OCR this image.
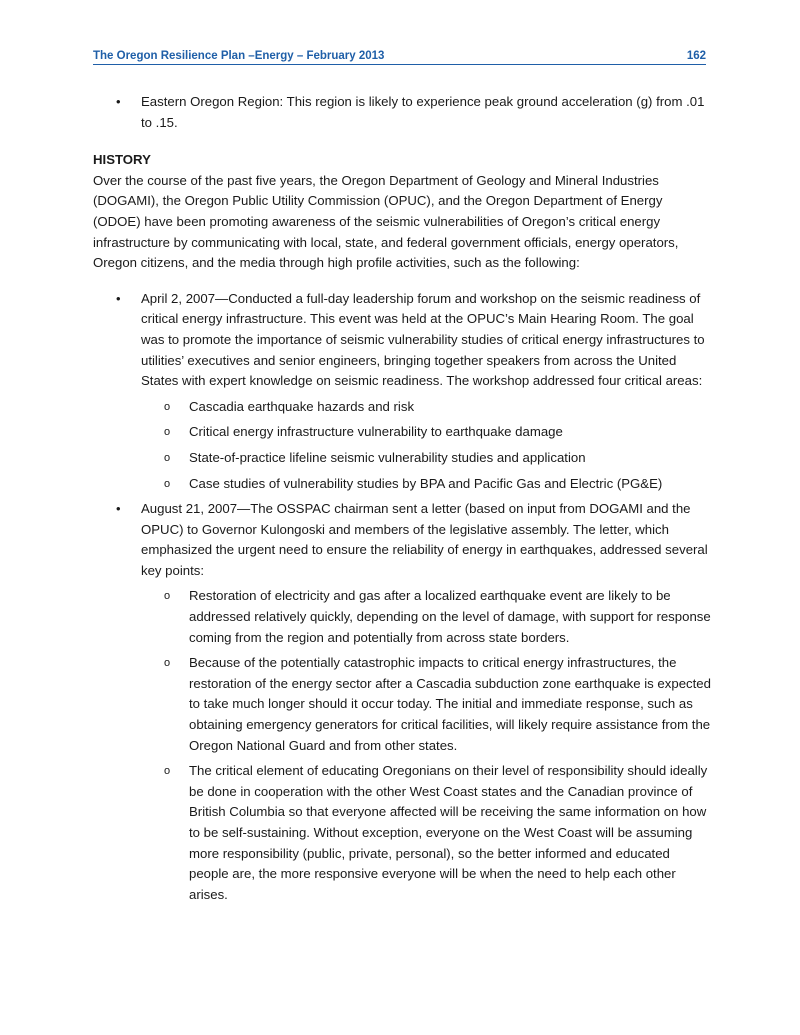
The Oregon Resilience Plan –Energy – February 2013	162
• Eastern Oregon Region: This region is likely to experience peak ground acceleration (g) from .01 to .15.
HISTORY
Over the course of the past five years, the Oregon Department of Geology and Mineral Industries (DOGAMI), the Oregon Public Utility Commission (OPUC), and the Oregon Department of Energy (ODOE) have been promoting awareness of the seismic vulnerabilities of Oregon’s critical energy infrastructure by communicating with local, state, and federal government officials, energy operators, Oregon citizens, and the media through high profile activities, such as the following:
• April 2, 2007—Conducted a full-day leadership forum and workshop on the seismic readiness of critical energy infrastructure. This event was held at the OPUC’s Main Hearing Room. The goal was to promote the importance of seismic vulnerability studies of critical energy infrastructures to utilities’ executives and senior engineers, bringing together speakers from across the United States with expert knowledge on seismic readiness. The workshop addressed four critical areas:
o Cascadia earthquake hazards and risk
o Critical energy infrastructure vulnerability to earthquake damage
o State-of-practice lifeline seismic vulnerability studies and application
o Case studies of vulnerability studies by BPA and Pacific Gas and Electric (PG&E)
• August 21, 2007—The OSSPAC chairman sent a letter (based on input from DOGAMI and the OPUC) to Governor Kulongoski and members of the legislative assembly. The letter, which emphasized the urgent need to ensure the reliability of energy in earthquakes, addressed several key points:
o Restoration of electricity and gas after a localized earthquake event are likely to be addressed relatively quickly, depending on the level of damage, with support for response coming from the region and potentially from across state borders.
o Because of the potentially catastrophic impacts to critical energy infrastructures, the restoration of the energy sector after a Cascadia subduction zone earthquake is expected to take much longer should it occur today. The initial and immediate response, such as obtaining emergency generators for critical facilities, will likely require assistance from the Oregon National Guard and from other states.
o The critical element of educating Oregonians on their level of responsibility should ideally be done in cooperation with the other West Coast states and the Canadian province of British Columbia so that everyone affected will be receiving the same information on how to be self-sustaining. Without exception, everyone on the West Coast will be assuming more responsibility (public, private, personal), so the better informed and educated people are, the more responsive everyone will be when the need to help each other arises.
